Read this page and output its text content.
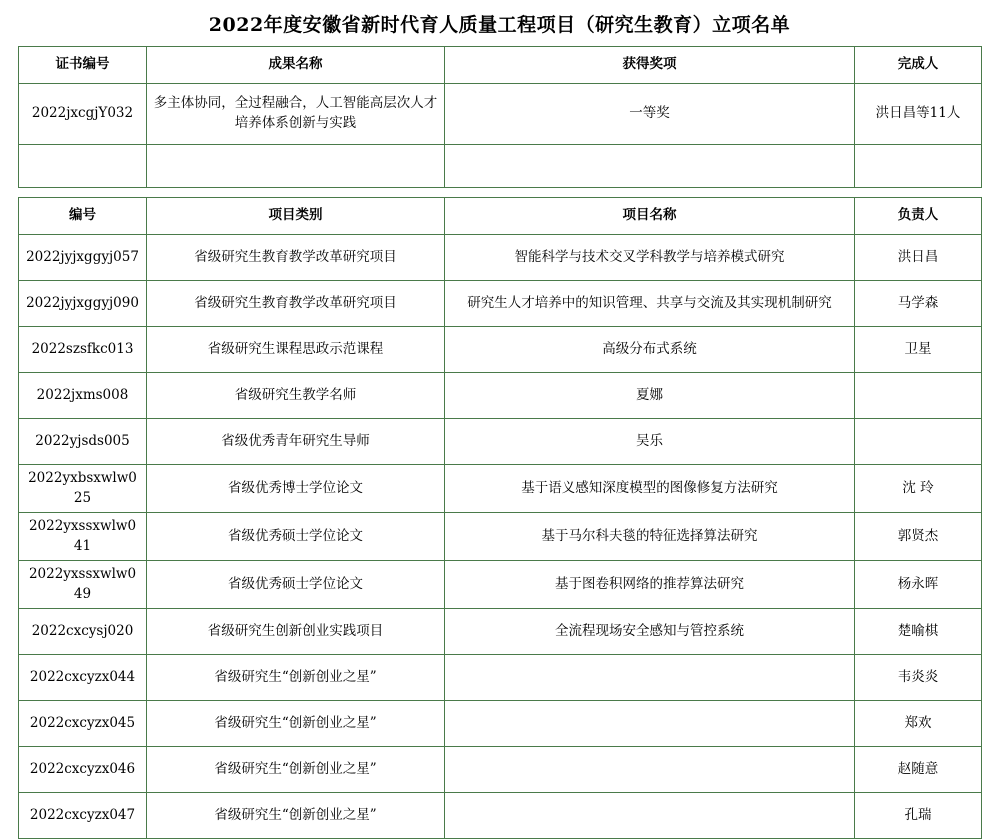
2022年度安徽省新时代育人质量工程项目（研究生教育）立项名单
证书编号	成果名称	获得奖项	完成人
2022jxcgjY032	多主体协同，全过程融合，人工智能高层次人才培养体系创新与实践	一等奖	洪日昌等11人

编号	项目类别	项目名称	负责人
2022jyjxggyj057	省级研究生教育教学改革研究项目	智能科学与技术交叉学科教学与培养模式研究	洪日昌
2022jyjxggyj090	省级研究生教育教学改革研究项目	研究生人才培养中的知识管理、共享与交流及其实现机制研究	马学森
2022szsfkc013	省级研究生课程思政示范课程	高级分布式系统	卫星
2022jxms008	省级研究生教学名师	夏娜	
2022yjsds005	省级优秀青年研究生导师	吴乐	
2022yxbsxwlw025	省级优秀博士学位论文	基于语义感知深度模型的图像修复方法研究	沈 玲
2022yxssxwlw041	省级优秀硕士学位论文	基于马尔科夫毯的特征选择算法研究	郭贤杰
2022yxssxwlw049	省级优秀硕士学位论文	基于图卷积网络的推荐算法研究	杨永晖
2022cxcysj020	省级研究生创新创业实践项目	全流程现场安全感知与管控系统	楚喻棋
2022cxcyzx044	省级研究生“创新创业之星”		韦炎炎
2022cxcyzx045	省级研究生“创新创业之星”		郑欢
2022cxcyzx046	省级研究生“创新创业之星”		赵随意
2022cxcyzx047	省级研究生“创新创业之星”		孔瑞
